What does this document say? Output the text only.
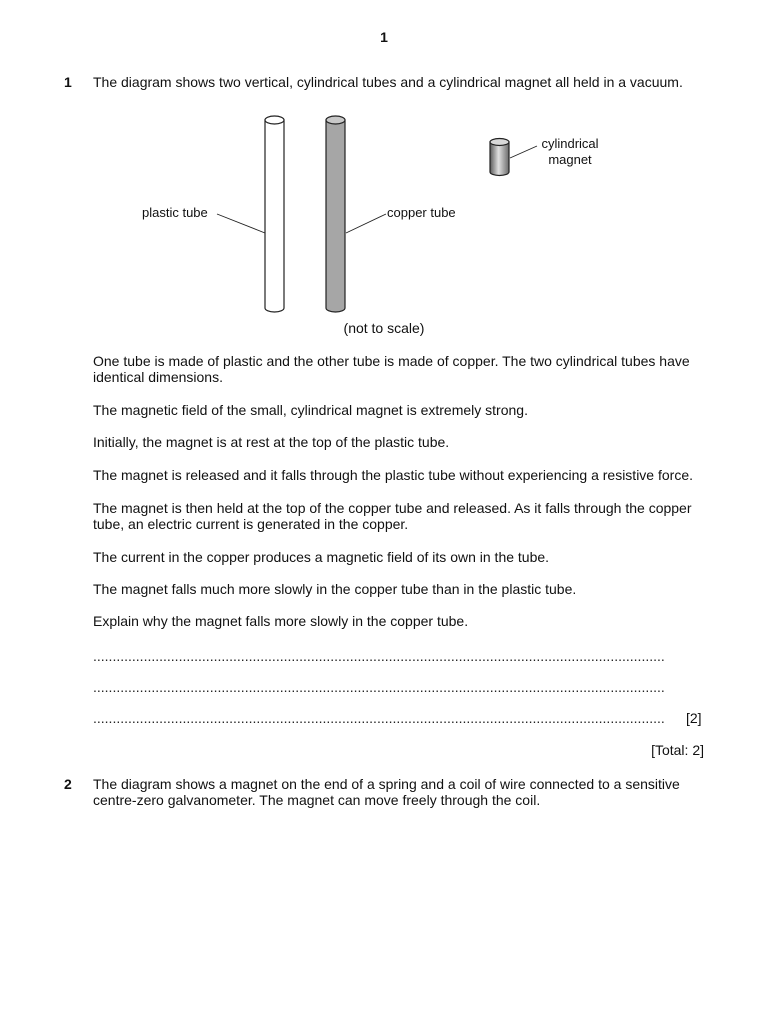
1
1 The diagram shows two vertical, cylindrical tubes and a cylindrical magnet all held in a vacuum.
plastic tube	copper tube
cylindrical
magnet
(not to scale)
One tube is made of plastic and the other tube is made of copper. The two cylindrical tubes have identical dimensions.
The magnetic field of the small, cylindrical magnet is extremely strong.
Initially, the magnet is at rest at the top of the plastic tube.
The magnet is released and it falls through the plastic tube without experiencing a resistive force.
The magnet is then held at the top of the copper tube and released. As it falls through the copper tube, an electric current is generated in the copper.
The current in the copper produces a magnetic field of its own in the tube.
The magnet falls much more slowly in the copper tube than in the plastic tube.
Explain why the magnet falls more slowly in the copper tube.
...................................................................................................................................................
...................................................................................................................................................
...................................................................................................................................................	[2]
[Total: 2]
2 The diagram shows a magnet on the end of a spring and a coil of wire connected to a sensitive centre-zero galvanometer. The magnet can move freely through the coil.
